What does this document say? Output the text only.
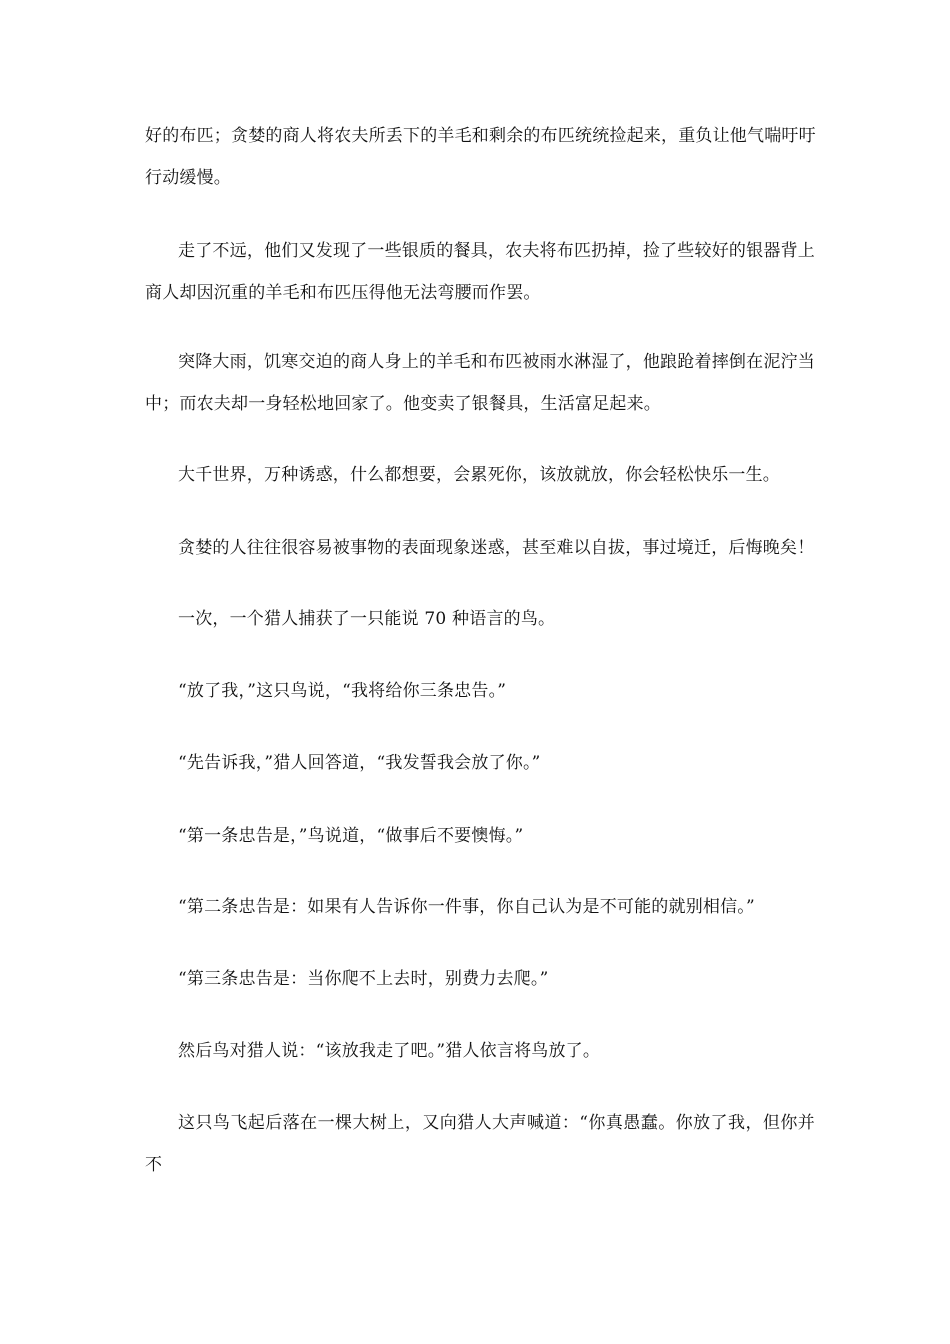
好的布匹；贪婪的商人将农夫所丢下的羊毛和剩余的布匹统统捡起来，重负让他气喘吁吁
行动缓慢。
走了不远，他们又发现了一些银质的餐具，农夫将布匹扔掉，捡了些较好的银器背上
商人却因沉重的羊毛和布匹压得他无法弯腰而作罢。
突降大雨，饥寒交迫的商人身上的羊毛和布匹被雨水淋湿了，他踉跄着摔倒在泥泞当
中；而农夫却一身轻松地回家了。他变卖了银餐具，生活富足起来。
大千世界，万种诱惑，什么都想要，会累死你，该放就放，你会轻松快乐一生。
贪婪的人往往很容易被事物的表面现象迷惑，甚至难以自拔，事过境迁，后悔晚矣！
一次，一个猎人捕获了一只能说 70 种语言的鸟。
“放了我，”这只鸟说，“我将给你三条忠告。”
“先告诉我，”猎人回答道，“我发誓我会放了你。”
“第一条忠告是，”鸟说道，“做事后不要懊悔。”
“第二条忠告是：如果有人告诉你一件事，你自己认为是不可能的就别相信。”
“第三条忠告是：当你爬不上去时，别费力去爬。”
然后鸟对猎人说：“该放我走了吧。”猎人依言将鸟放了。
这只鸟飞起后落在一棵大树上，又向猎人大声喊道：“你真愚蠢。你放了我，但你并
不
